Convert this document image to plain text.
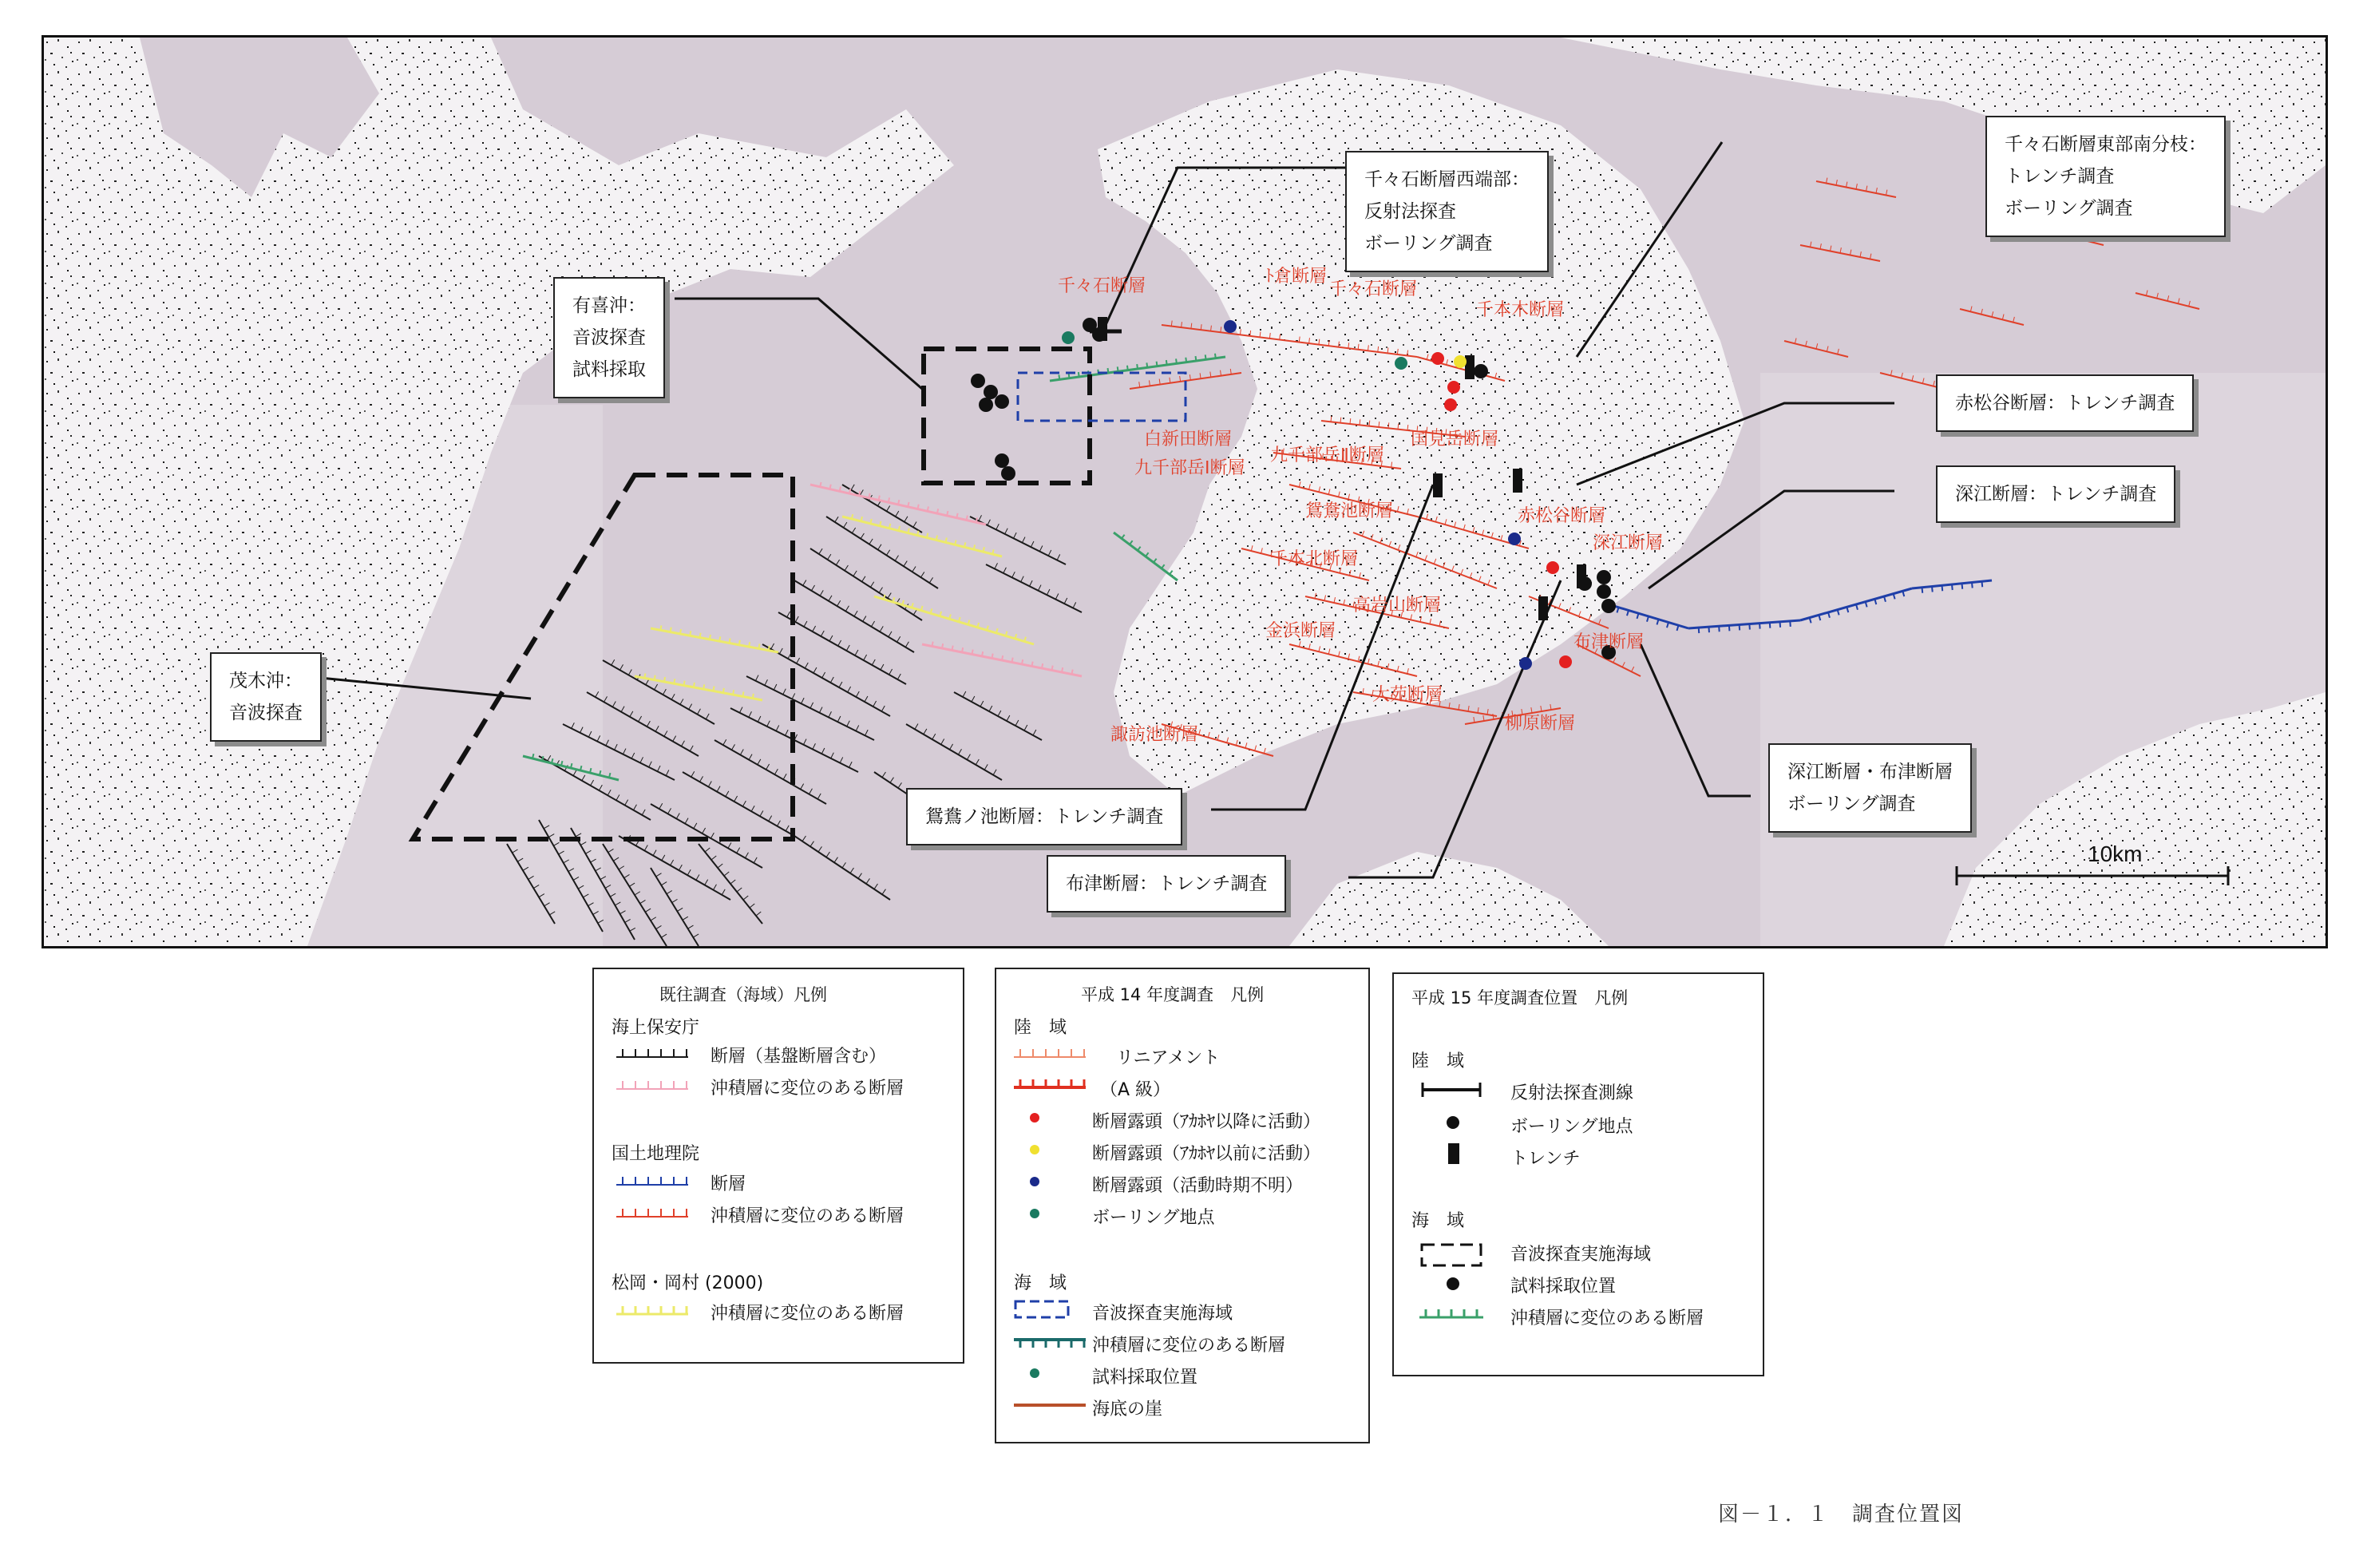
千々石断層	ﾄ倉断層
千々石断層
千本木断層
白新田断層
九千部岳Ⅱ断層
九千部岳Ⅰ断層
国見岳断層
鴛鴦池断層	赤松谷断層
深江断層
千本北断層
高岩山断層
金浜断層
布津断層
大苑断層
柳原断層
諏訪池断層
10km
千々石断層西端部：
反射法探査
ボーリング調査
千々石断層東部南分枝：
トレンチ調査
ボーリング調査
有喜沖：
音波探査
試料採取
赤松谷断層：トレンチ調査
深江断層：トレンチ調査
茂木沖：
音波探査
深江断層・布津断層
ボーリング調査
鴛鴦ノ池断層：トレンチ調査
布津断層：トレンチ調査
既往調査（海域）凡例
海上保安庁
断層（基盤断層含む）
沖積層に変位のある断層
国土地理院
断層
沖積層に変位のある断層
松岡・岡村 (2000)
沖積層に変位のある断層
平成 14 年度調査　凡例
陸　域
リニアメント
（A 級）
断層露頭（ｱｶﾎﾔ以降に活動）
断層露頭（ｱｶﾎﾔ以前に活動）
断層露頭（活動時期不明）
ボーリング地点
海　域
音波探査実施海域
沖積層に変位のある断層
試料採取位置
海底の崖
平成 15 年度調査位置　凡例
陸　域
反射法探査測線
ボーリング地点
トレンチ
海　域
音波探査実施海域
試料採取位置
沖積層に変位のある断層
図－１．１　調査位置図
